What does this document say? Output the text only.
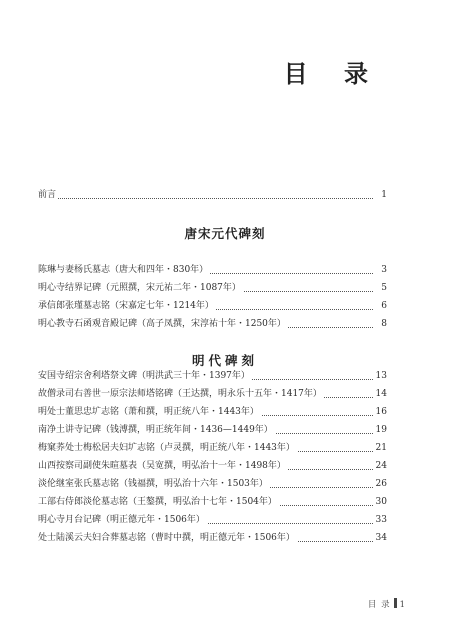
目 录
前言	1
唐宋元代碑刻
陈琳与妻杨氏墓志（唐大和四年・830年）	3
明心寺结界记碑（元照撰，宋元祐二年・1087年）	5
承信郎张瑾墓志铭（宋嘉定七年・1214年）	6
明心教寺石函观音殿记碑（高子凤撰，宋淳祐十年・1250年）	8
明代碑刻
安国寺绍宗舍利塔祭文碑（明洪武三十年・1397年）	13
故僧录司右善世一原宗法师塔铭碑（王达撰，明永乐十五年・1417年）	14
明处士董思忠圹志铭（萧和撰，明正统八年・1443年）	16
南净土讲寺记碑（钱溥撰，明正统年间・1436—1449年）	19
梅窠荞处士梅松居夫妇圹志铭（卢灵撰，明正统八年・1443年）	21
山西按察司副使朱暄墓表（吴宽撰，明弘治十一年・1498年）	24
淡伦继室张氏墓志铭（钱福撰，明弘治十六年・1503年）	26
工部右侍郎淡伦墓志铭（王鏊撰，明弘治十七年・1504年）	30
明心寺月台记碑（明正德元年・1506年）	33
处士陆溪云夫妇合葬墓志铭（曹时中撰，明正德元年・1506年）	34
目 录 1
